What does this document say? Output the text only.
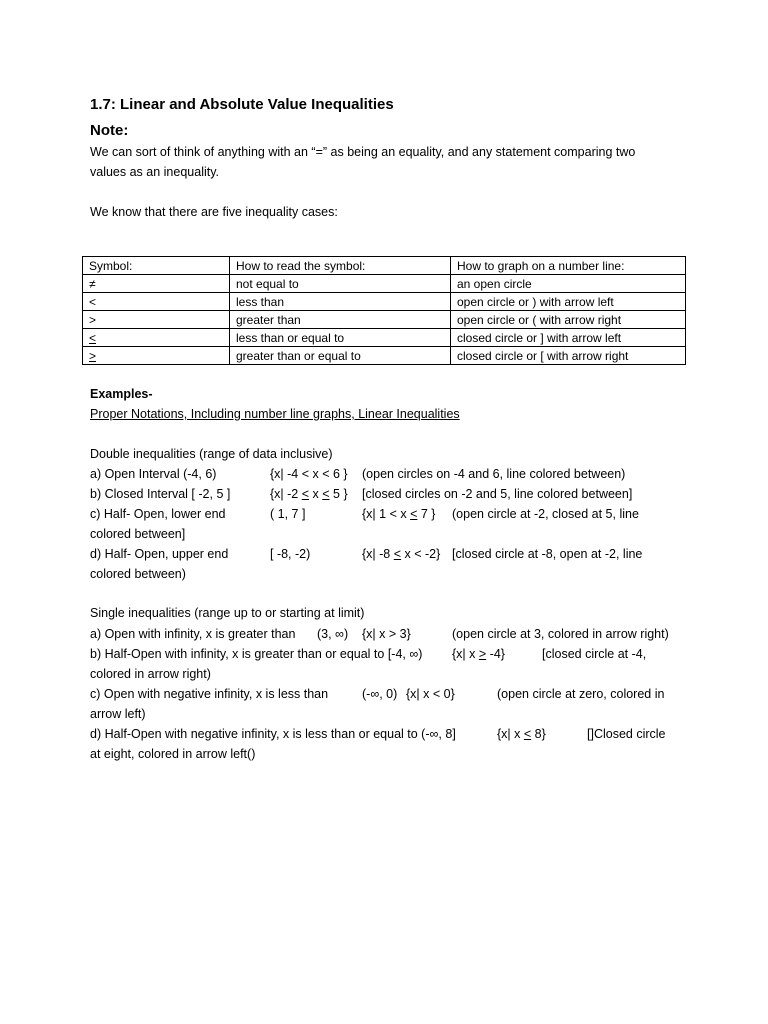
1.7: Linear and Absolute Value Inequalities
Note:
We can sort of think of anything with an “=” as being an equality, and any statement comparing two
values as an inequality.
We know that there are five inequality cases:
Symbol:	How to read the symbol:	How to graph on a number line:
≠	not equal to	an open circle
<	less than	open circle or ) with arrow left
>	greater than	open circle or ( with arrow right
<	less than or equal to	closed circle or ] with arrow left
>	greater than or equal to	closed circle or [ with arrow right
Examples-
Proper Notations, Including number line graphs, Linear Inequalities
Double inequalities (range of data inclusive)
a) Open Interval (-4, 6)	{x| -4 < x < 6 } (open circles on -4 and 6, line colored between)
b) Closed Interval [ -2, 5 ]	{x| -2 < x < 5 } [closed circles on -2 and 5, line colored between]
c) Half- Open, lower end	( 1, 7 ]	{x| 1 < x < 7 } (open circle at -2, closed at 5, line
colored between]
d) Half- Open, upper end	[ -8, -2)	{x| -8 < x < -2} [closed circle at -8, open at -2, line
colored between)
Single inequalities (range up to or starting at limit)
a) Open with infinity, x is greater than (3, ∞) {x| x > 3}	(open circle at 3, colored in arrow right)
b) Half-Open with infinity, x is greater than or equal to [-4, ∞) {x| x > -4}	[closed circle at -4,
colored in arrow right)
c) Open with negative infinity, x is less than	(-∞, 0) {x| x < 0}	(open circle at zero, colored in
arrow left)
d) Half-Open with negative infinity, x is less than or equal to (-∞, 8]	{x| x < 8}	[]Closed circle
at eight, colored in arrow left()
